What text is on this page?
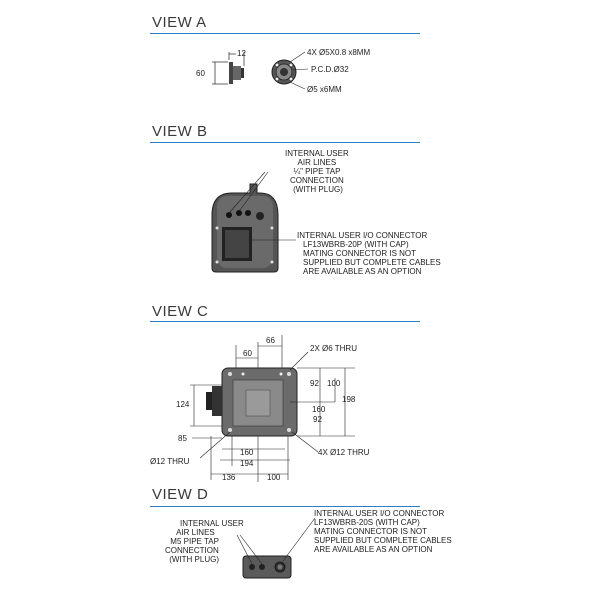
VIEW A
VIEW B
VIEW C
VIEW D
12
60
4X Ø5X0.8 x8MM
P.C.D.Ø32
Ø5 x6MM
INTERNAL USER AIR LINES ¼" PIPE TAP CONNECTION (WITH PLUG)
INTERNAL USER I/O CONNECTOR LF13WBRB-20P (WITH CAP) MATING CONNECTOR IS NOT SUPPLIED BUT COMPLETE CABLES ARE AVAILABLE AS AN OPTION
66
60
2X Ø6 THRU
92 100
160
198
92
124
85
Ø12 THRU
160
194
136	100
4X Ø12 THRU
INTERNAL USER AIR LINES M5 PIPE TAP CONNECTION (WITH PLUG)
INTERNAL USER I/O CONNECTOR LF13WBRB-20S (WITH CAP) MATING CONNECTOR IS NOT SUPPLIED BUT COMPLETE CABLES ARE AVAILABLE AS AN OPTION
